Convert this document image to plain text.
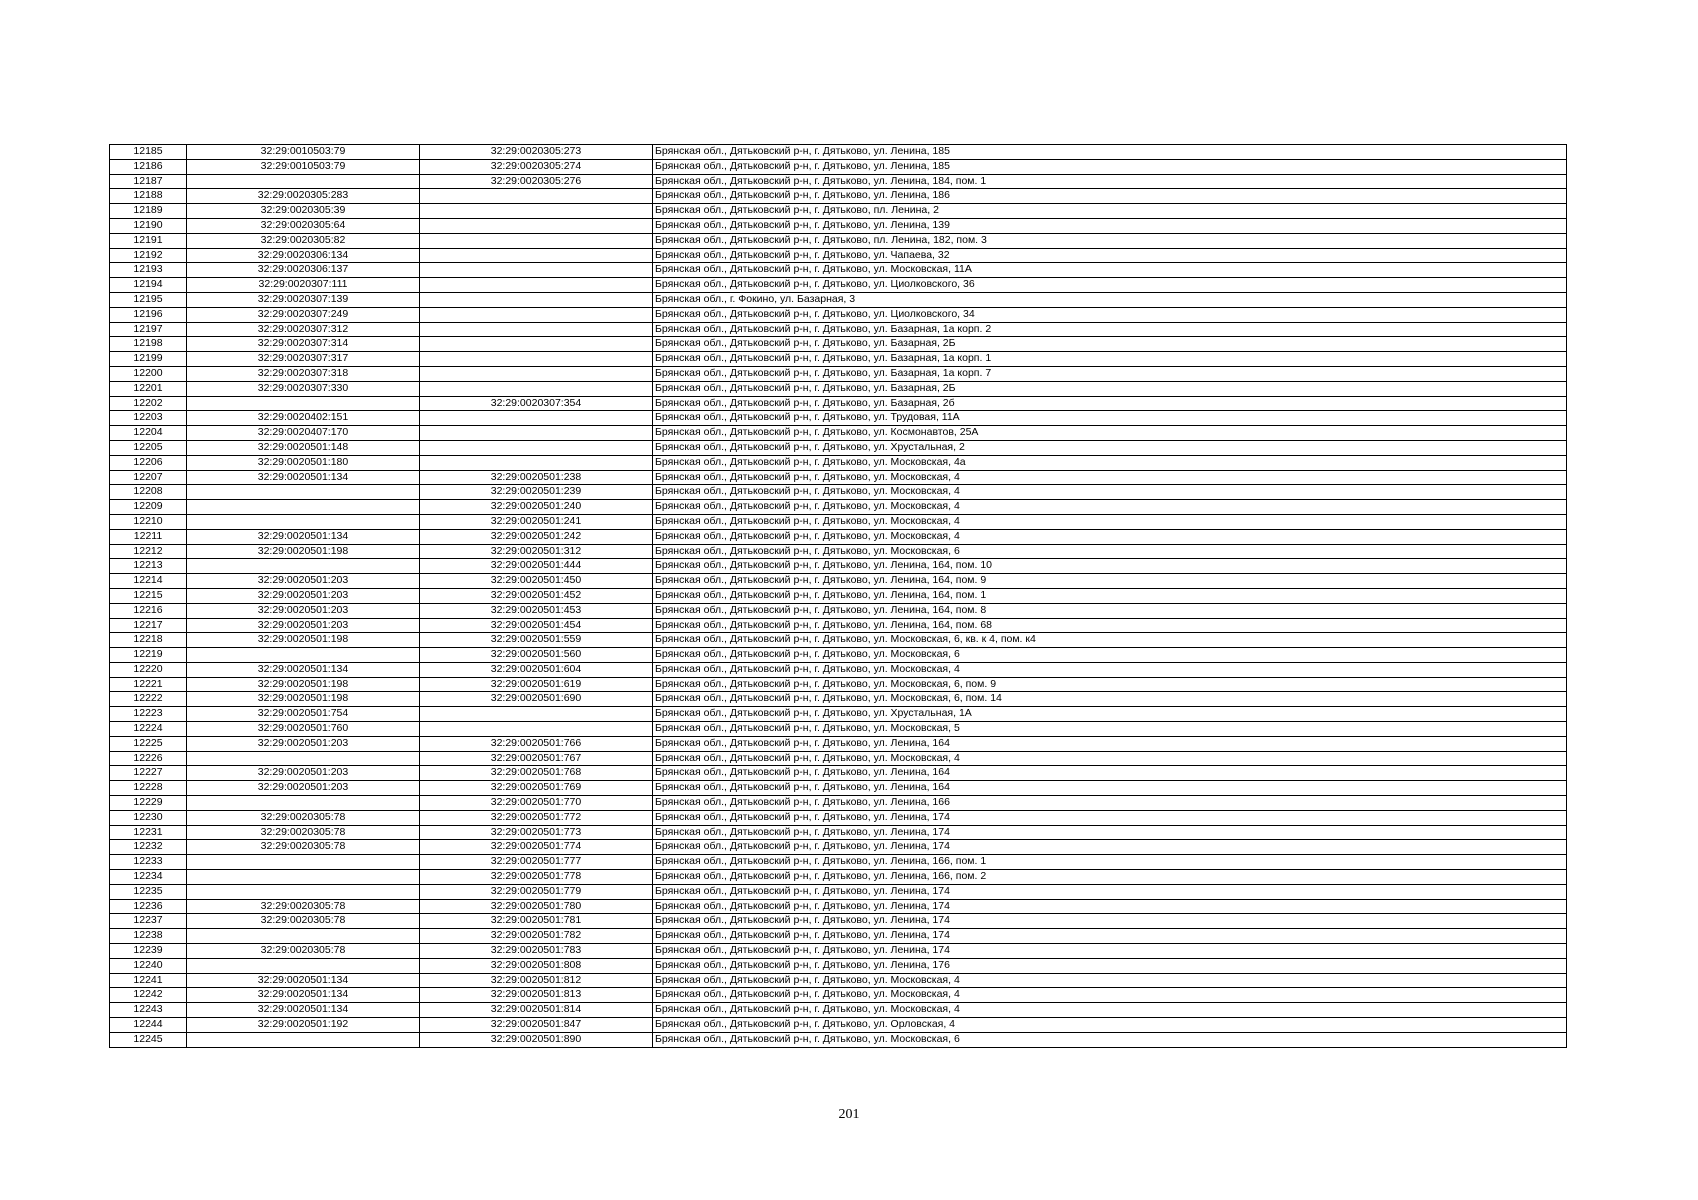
12185	32:29:0010503:79	32:29:0020305:273	Брянская обл., Дятьковский р-н, г. Дятьково, ул. Ленина, 185
12186	32:29:0010503:79	32:29:0020305:274	Брянская обл., Дятьковский р-н, г. Дятьково, ул. Ленина, 185
12187		32:29:0020305:276	Брянская обл., Дятьковский р-н, г. Дятьково, ул. Ленина, 184, пом. 1
12188	32:29:0020305:283		Брянская обл., Дятьковский р-н, г. Дятьково, ул. Ленина, 186
12189	32:29:0020305:39		Брянская обл., Дятьковский р-н, г. Дятьково, пл. Ленина, 2
12190	32:29:0020305:64		Брянская обл., Дятьковский р-н, г. Дятьково, ул. Ленина, 139
12191	32:29:0020305:82		Брянская обл., Дятьковский р-н, г. Дятьково, пл. Ленина, 182, пом. 3
12192	32:29:0020306:134		Брянская обл., Дятьковский р-н, г. Дятьково, ул. Чапаева, 32
12193	32:29:0020306:137		Брянская обл., Дятьковский р-н, г. Дятьково, ул. Московская, 11А
12194	32:29:0020307:111		Брянская обл., Дятьковский р-н, г. Дятьково, ул. Циолковского, 36
12195	32:29:0020307:139		Брянская обл., г. Фокино, ул. Базарная, 3
12196	32:29:0020307:249		Брянская обл., Дятьковский р-н, г. Дятьково, ул. Циолковского, 34
12197	32:29:0020307:312		Брянская обл., Дятьковский р-н, г. Дятьково, ул. Базарная, 1а корп. 2
12198	32:29:0020307:314		Брянская обл., Дятьковский р-н, г. Дятьково, ул. Базарная, 2Б
12199	32:29:0020307:317		Брянская обл., Дятьковский р-н, г. Дятьково, ул. Базарная, 1а корп. 1
12200	32:29:0020307:318		Брянская обл., Дятьковский р-н, г. Дятьково, ул. Базарная, 1а корп. 7
12201	32:29:0020307:330		Брянская обл., Дятьковский р-н, г. Дятьково, ул. Базарная, 2Б
12202		32:29:0020307:354	Брянская обл., Дятьковский р-н, г. Дятьково, ул. Базарная, 2б
12203	32:29:0020402:151		Брянская обл., Дятьковский р-н, г. Дятьково, ул. Трудовая, 11А
12204	32:29:0020407:170		Брянская обл., Дятьковский р-н, г. Дятьково, ул. Космонавтов, 25А
12205	32:29:0020501:148		Брянская обл., Дятьковский р-н, г. Дятьково, ул. Хрустальная, 2
12206	32:29:0020501:180		Брянская обл., Дятьковский р-н, г. Дятьково, ул. Московская, 4а
12207	32:29:0020501:134	32:29:0020501:238	Брянская обл., Дятьковский р-н, г. Дятьково, ул. Московская, 4
12208		32:29:0020501:239	Брянская обл., Дятьковский р-н, г. Дятьково, ул. Московская, 4
12209		32:29:0020501:240	Брянская обл., Дятьковский р-н, г. Дятьково, ул. Московская, 4
12210		32:29:0020501:241	Брянская обл., Дятьковский р-н, г. Дятьково, ул. Московская, 4
12211	32:29:0020501:134	32:29:0020501:242	Брянская обл., Дятьковский р-н, г. Дятьково, ул. Московская, 4
12212	32:29:0020501:198	32:29:0020501:312	Брянская обл., Дятьковский р-н, г. Дятьково, ул. Московская, 6
12213		32:29:0020501:444	Брянская обл., Дятьковский р-н, г. Дятьково, ул. Ленина, 164, пом. 10
12214	32:29:0020501:203	32:29:0020501:450	Брянская обл., Дятьковский р-н, г. Дятьково, ул. Ленина, 164, пом. 9
12215	32:29:0020501:203	32:29:0020501:452	Брянская обл., Дятьковский р-н, г. Дятьково, ул. Ленина, 164, пом. 1
12216	32:29:0020501:203	32:29:0020501:453	Брянская обл., Дятьковский р-н, г. Дятьково, ул. Ленина, 164, пом. 8
12217	32:29:0020501:203	32:29:0020501:454	Брянская обл., Дятьковский р-н, г. Дятьково, ул. Ленина, 164, пом. 68
12218	32:29:0020501:198	32:29:0020501:559	Брянская обл., Дятьковский р-н, г. Дятьково, ул. Московская, 6, кв. к 4, пом. к4
12219		32:29:0020501:560	Брянская обл., Дятьковский р-н, г. Дятьково, ул. Московская, 6
12220	32:29:0020501:134	32:29:0020501:604	Брянская обл., Дятьковский р-н, г. Дятьково, ул. Московская, 4
12221	32:29:0020501:198	32:29:0020501:619	Брянская обл., Дятьковский р-н, г. Дятьково, ул. Московская, 6, пом. 9
12222	32:29:0020501:198	32:29:0020501:690	Брянская обл., Дятьковский р-н, г. Дятьково, ул. Московская, 6, пом. 14
12223	32:29:0020501:754		Брянская обл., Дятьковский р-н, г. Дятьково, ул. Хрустальная, 1А
12224	32:29:0020501:760		Брянская обл., Дятьковский р-н, г. Дятьково, ул. Московская, 5
12225	32:29:0020501:203	32:29:0020501:766	Брянская обл., Дятьковский р-н, г. Дятьково, ул. Ленина, 164
12226		32:29:0020501:767	Брянская обл., Дятьковский р-н, г. Дятьково, ул. Московская, 4
12227	32:29:0020501:203	32:29:0020501:768	Брянская обл., Дятьковский р-н, г. Дятьково, ул. Ленина, 164
12228	32:29:0020501:203	32:29:0020501:769	Брянская обл., Дятьковский р-н, г. Дятьково, ул. Ленина, 164
12229		32:29:0020501:770	Брянская обл., Дятьковский р-н, г. Дятьково, ул. Ленина, 166
12230	32:29:0020305:78	32:29:0020501:772	Брянская обл., Дятьковский р-н, г. Дятьково, ул. Ленина, 174
12231	32:29:0020305:78	32:29:0020501:773	Брянская обл., Дятьковский р-н, г. Дятьково, ул. Ленина, 174
12232	32:29:0020305:78	32:29:0020501:774	Брянская обл., Дятьковский р-н, г. Дятьково, ул. Ленина, 174
12233		32:29:0020501:777	Брянская обл., Дятьковский р-н, г. Дятьково, ул. Ленина, 166, пом. 1
12234		32:29:0020501:778	Брянская обл., Дятьковский р-н, г. Дятьково, ул. Ленина, 166, пом. 2
12235		32:29:0020501:779	Брянская обл., Дятьковский р-н, г. Дятьково, ул. Ленина, 174
12236	32:29:0020305:78	32:29:0020501:780	Брянская обл., Дятьковский р-н, г. Дятьково, ул. Ленина, 174
12237	32:29:0020305:78	32:29:0020501:781	Брянская обл., Дятьковский р-н, г. Дятьково, ул. Ленина, 174
12238		32:29:0020501:782	Брянская обл., Дятьковский р-н, г. Дятьково, ул. Ленина, 174
12239	32:29:0020305:78	32:29:0020501:783	Брянская обл., Дятьковский р-н, г. Дятьково, ул. Ленина, 174
12240		32:29:0020501:808	Брянская обл., Дятьковский р-н, г. Дятьково, ул. Ленина, 176
12241	32:29:0020501:134	32:29:0020501:812	Брянская обл., Дятьковский р-н, г. Дятьково, ул. Московская, 4
12242	32:29:0020501:134	32:29:0020501:813	Брянская обл., Дятьковский р-н, г. Дятьково, ул. Московская, 4
12243	32:29:0020501:134	32:29:0020501:814	Брянская обл., Дятьковский р-н, г. Дятьково, ул. Московская, 4
12244	32:29:0020501:192	32:29:0020501:847	Брянская обл., Дятьковский р-н, г. Дятьково, ул. Орловская, 4
12245		32:29:0020501:890	Брянская обл., Дятьковский р-н, г. Дятьково, ул. Московская, 6
201
